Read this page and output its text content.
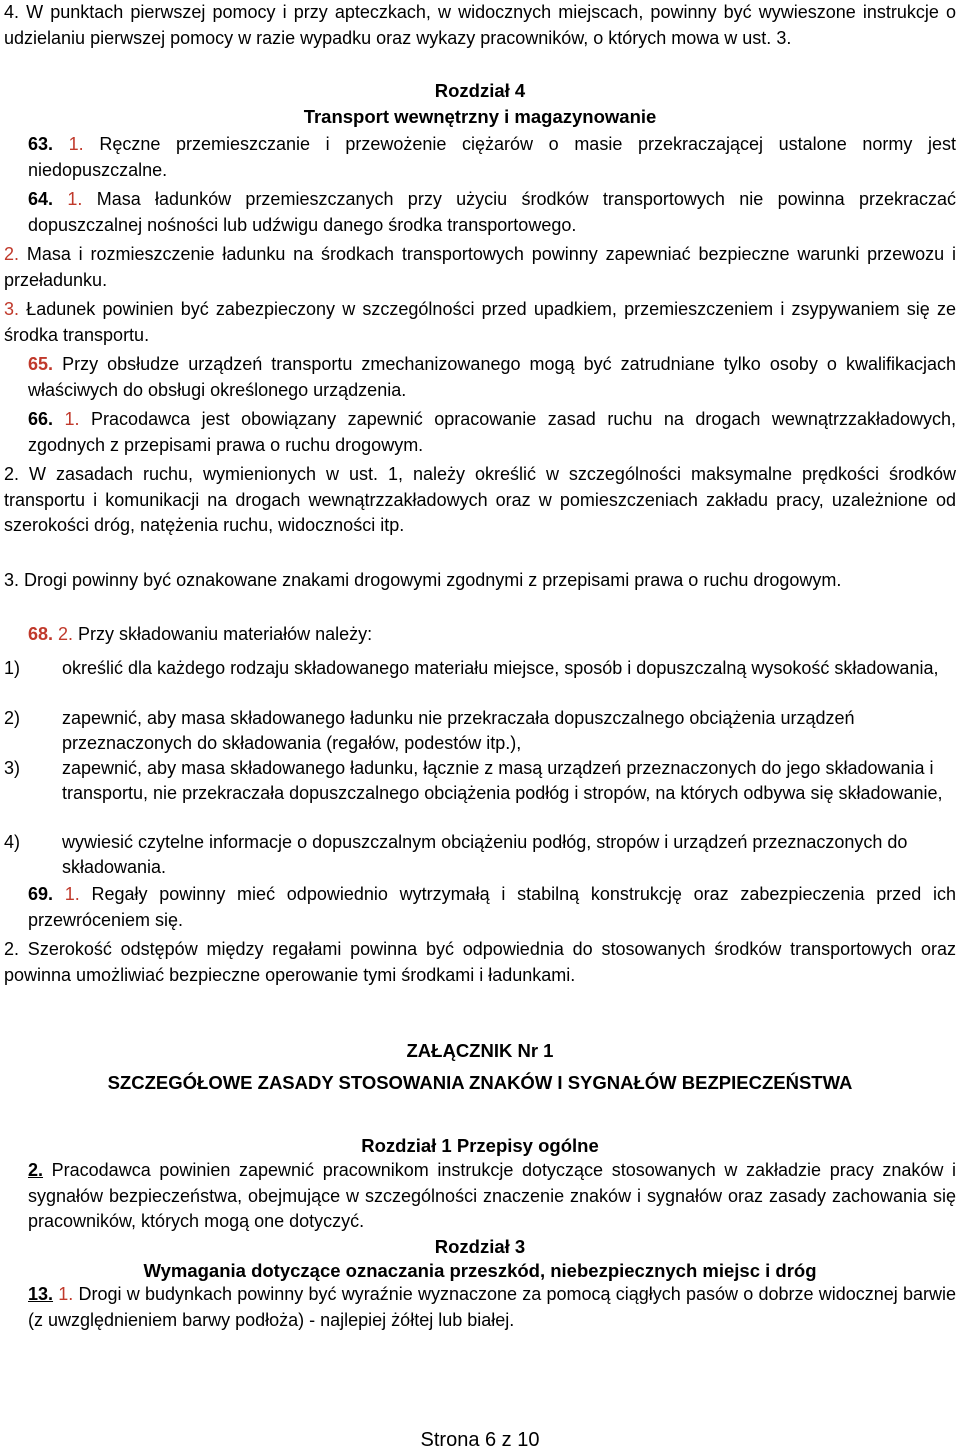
4. W punktach pierwszej pomocy i przy apteczkach, w widocznych miejscach, powinny być wywieszone instrukcje o udzielaniu pierwszej pomocy w razie wypadku oraz wykazy pracowników, o których mowa w ust. 3.

Rozdział 4

Transport wewnętrzny i magazynowanie

63. 1. Ręczne przemieszczanie i przewożenie ciężarów o masie przekraczającej ustalone normy jest niedopuszczalne.

64. 1. Masa ładunków przemieszczanych przy użyciu środków transportowych nie powinna przekraczać dopuszczalnej nośności lub udźwigu danego środka transportowego.

2. Masa i rozmieszczenie ładunku na środkach transportowych powinny zapewniać bezpieczne warunki przewozu i przeładunku.

3. Ładunek powinien być zabezpieczony w szczególności przed upadkiem, przemieszczeniem i zsypywaniem się ze środka transportu.

65. Przy obsłudze urządzeń transportu zmechanizowanego mogą być zatrudniane tylko osoby o kwalifikacjach właściwych do obsługi określonego urządzenia.

66. 1. Pracodawca jest obowiązany zapewnić opracowanie zasad ruchu na drogach wewnątrzzakładowych, zgodnych z przepisami prawa o ruchu drogowym.

2. W zasadach ruchu, wymienionych w ust. 1, należy określić w szczególności maksymalne prędkości środków transportu i komunikacji na drogach wewnątrzzakładowych oraz w pomieszczeniach zakładu pracy, uzależnione od szerokości dróg, natężenia ruchu, widoczności itp.

3. Drogi powinny być oznakowane znakami drogowymi zgodnymi z przepisami prawa o ruchu drogowym.

68. 2. Przy składowaniu materiałów należy:

1)	określić dla każdego rodzaju składowanego materiału miejsce, sposób i dopuszczalną wysokość składowania,
2)	zapewnić, aby masa składowanego ładunku nie przekraczała dopuszczalnego obciążenia urządzeń przeznaczonych do składowania (regałów, podestów itp.),
3)	zapewnić, aby masa składowanego ładunku, łącznie z masą urządzeń przeznaczonych do jego składowania i transportu, nie przekraczała dopuszczalnego obciążenia podłóg i stropów, na których odbywa się składowanie,
4)	wywiesić czytelne informacje o dopuszczalnym obciążeniu podłóg, stropów i urządzeń przeznaczonych do składowania.

69. 1. Regały powinny mieć odpowiednio wytrzymałą i stabilną konstrukcję oraz zabezpieczenia przed ich przewróceniem się.

2. Szerokość odstępów między regałami powinna być odpowiednia do stosowanych środków transportowych oraz powinna umożliwiać bezpieczne operowanie tymi środkami i ładunkami.

ZAŁĄCZNIK Nr 1

SZCZEGÓŁOWE ZASADY STOSOWANIA ZNAKÓW I SYGNAŁÓW BEZPIECZEŃSTWA

Rozdział 1 Przepisy ogólne

2. Pracodawca powinien zapewnić pracownikom instrukcje dotyczące stosowanych w zakładzie pracy znaków i sygnałów bezpieczeństwa, obejmujące w szczególności znaczenie znaków i sygnałów oraz zasady zachowania się pracowników, których mogą one dotyczyć.

Rozdział 3

Wymagania dotyczące oznaczania przeszkód, niebezpiecznych miejsc i dróg

13. 1. Drogi w budynkach powinny być wyraźnie wyznaczone za pomocą ciągłych pasów o dobrze widocznej barwie (z uwzględnieniem barwy podłoża) - najlepiej żółtej lub białej.

Strona 6 z 10
